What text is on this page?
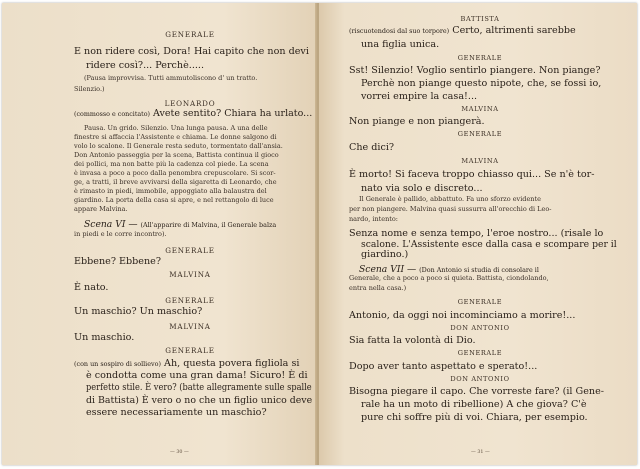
GENERALE
E non ridere così, Dora! Hai capito che non devi
ridere così?... Perchè.....
(Pausa improvvisa. Tutti ammutoliscono d' un tratto.
Silenzio.)
LEONARDO
(commosso e concitato) Avete sentito? Chiara ha urlato...
Pausa. Un grido. Silenzio. Una lunga pausa. A una delle
finestre si affaccia l'Assistente e chiama. Le donne salgono di
volo lo scalone. Il Generale resta seduto, tormentato dall'ansia.
Don Antonio passeggia per la scena, Battista continua il gioco
dei pollici, ma non batte più la cadenza col piede. La scena
è invasa a poco a poco dalla penombra crepuscolare. Si scor-
ge, a tratti, il breve avvivarsi della sigaretta di Leonardo, che
è rimasto in piedi, immobile, appoggiato alla balaustra del
giardino. La porta della casa si apre, e nel rettangolo di luce
appare Malvina.
Scena VI — (All'apparire di Malvina, il Generale balza
in piedi e le corre incontro).
GENERALE
Ebbene? Ebbene?
MALVINA
È nato.
GENERALE
Un maschio? Un maschio?
MALVINA
Un maschio.
GENERALE
(con un sospiro di sollievo) Ah, questa povera figliola si
è condotta come una gran dama! Sicuro! È di
perfetto stile. È vero? (batte allegramente sulle spalle
di Battista) È vero o no che un figlio unico deve
essere necessariamente un maschio?
— 30 —
BATTISTA
(riscuotendosi dal suo torpore) Certo, altrimenti sarebbe
una figlia unica.
GENERALE
Sst! Silenzio! Voglio sentirlo piangere. Non piange?
Perchè non piange questo nipote, che, se fossi io,
vorrei empire la casa!...
MALVINA
Non piange e non piangerà.
GENERALE
Che dici?
MALVINA
È morto! Si faceva troppo chiasso qui... Se n'è tor-
nato via solo e discreto...
Il Generale è pallido, abbattuto. Fa uno sforzo evidente
per non piangere. Malvina quasi sussurra all'orecchio di Leo-
nardo, intento:
Senza nome e senza tempo, l'eroe nostro... (risale lo
scalone. L'Assistente esce dalla casa e scompare per il
giardino.)
Scena VII — (Don Antonio si studia di consolare il
Generale, che a poco a poco si quieta. Battista, ciondolando,
entra nella casa.)
GENERALE
Antonio, da oggi noi incominciamo a morire!...
DON ANTONIO
Sia fatta la volontà di Dio.
GENERALE
Dopo aver tanto aspettato e sperato!...
DON ANTONIO
Bisogna piegare il capo. Che vorreste fare? (il Gene-
rale ha un moto di ribellione) A che giova? C'è
pure chi soffre più di voi. Chiara, per esempio.
— 31 —
